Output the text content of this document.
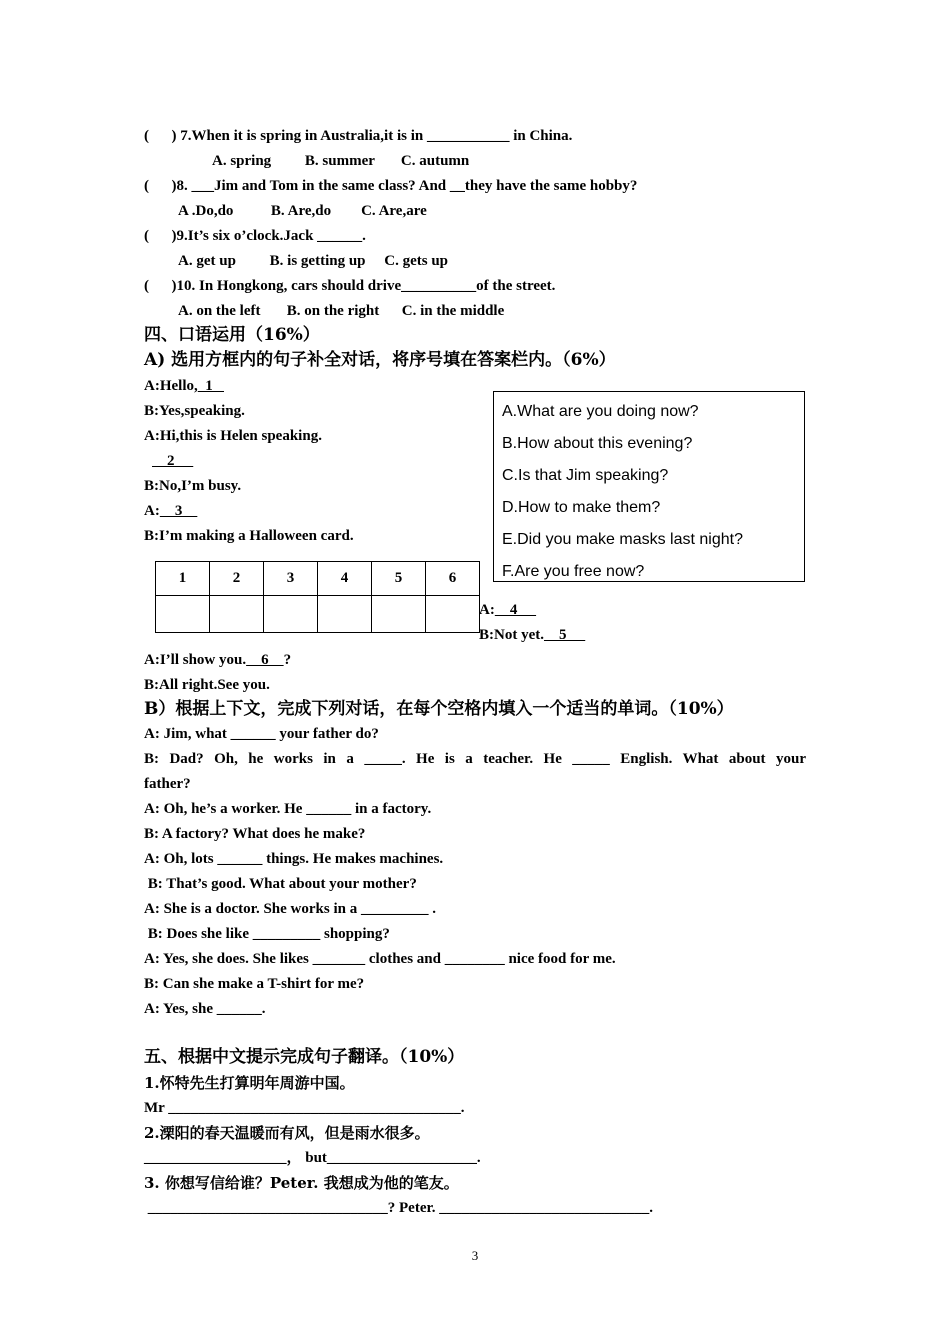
(      ) 7.When it is spring in Australia,it is in ___________ in China.
A. spring         B. summer       C. autumn
(      )8. ___Jim and Tom in the same class? And __they have the same hobby?
A .Do,do          B. Are,do        C. Are,are
(      )9.It’s six o’clock.Jack ______.
A. get up         B. is getting up     C. gets up
(      )10. In Hongkong, cars should drive__________of the street.
A. on the left       B. on the right      C. in the middle
四、口语运用（16%）
A) 选用方框内的句子补全对话，将序号填在答案栏内。（6%）
A:Hello,  1
B:Yes,speaking.
A:Hi,this is Helen speaking.
2
B:No,I’m busy.
A:    3
B:I’m making a Halloween card.
A.What are you doing now?
B.How about this evening?
C.Is that Jim speaking?
D.How to make them?
E.Did you make masks last night?
F.Are you free now?
1	2	3	4	5	6

A:    4
B:Not yet.    5
A:I’ll show you.    6    ?
B:All right.See you.
B）根据上下文，完成下列对话，在每个空格内填入一个适当的单词。（10%）
A: Jim, what ______ your father do?
B: Dad? Oh, he works in a _____. He is a teacher. He _____ English. What about your
father?
A: Oh, he’s a worker. He ______ in a factory.
B: A factory? What does he make?
A: Oh, lots ______ things. He makes machines.
B: That’s good. What about your mother?
A: She is a doctor. She works in a _________ .
B: Does she like _________ shopping?
A: Yes, she does. She likes _______ clothes and ________ nice food for me.
B: Can she make a T-shirt for me?
A: Yes, she ______.
五、根据中文提示完成句子翻译。（10%）
1.怀特先生打算明年周游中国。
Mr _______________________________________.
2.溧阳的春天温暖而有风，但是雨水很多。
___________________， but____________________.
3. 你想写信给谁？Peter. 我想成为他的笔友。
________________________________? Peter. ____________________________.
3
